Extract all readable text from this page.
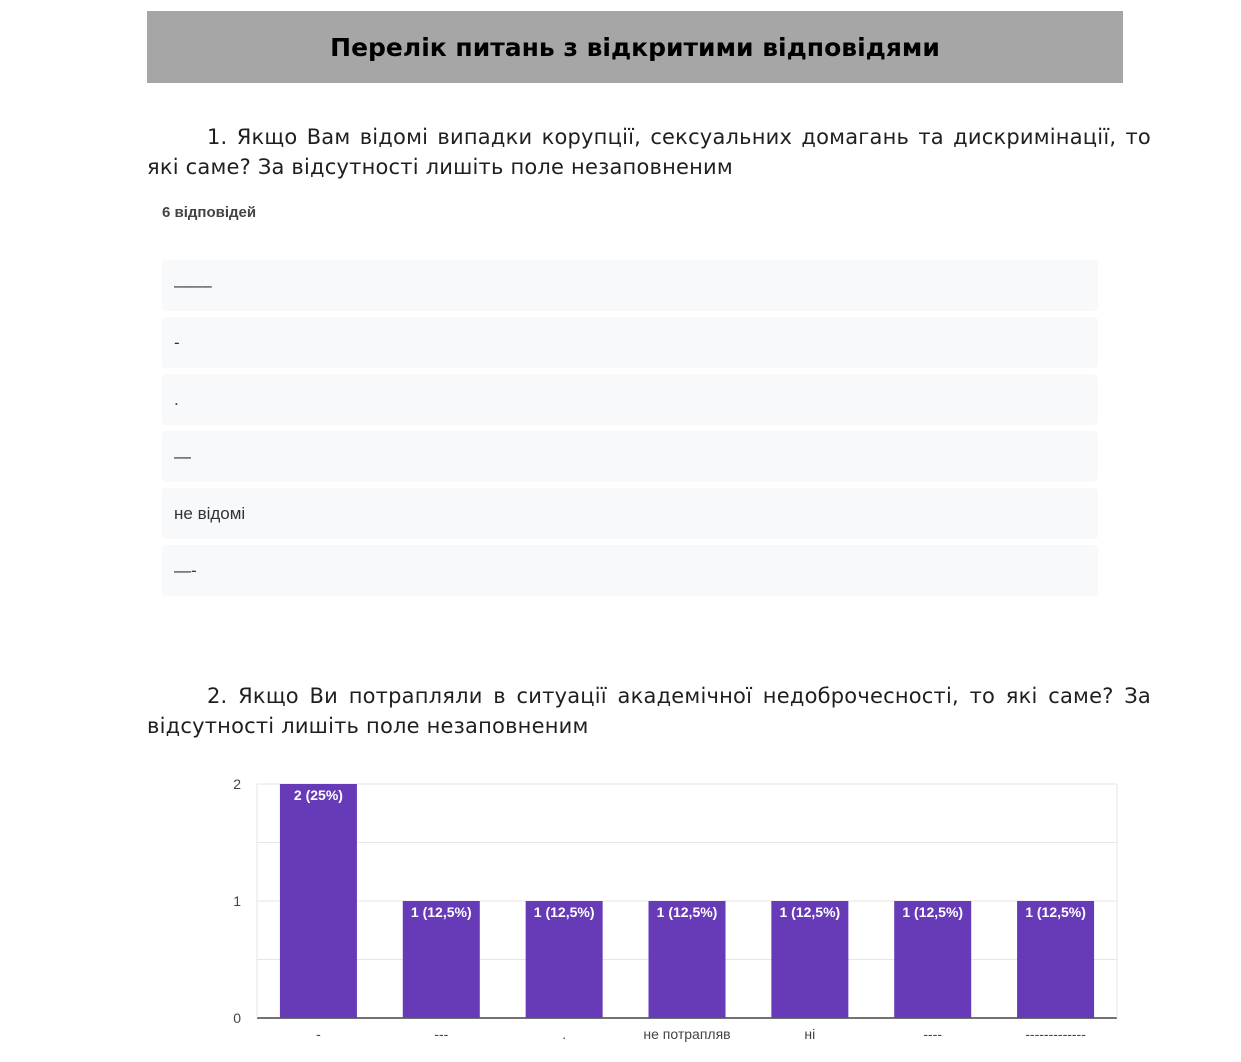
Перелік питань з відкритими відповідями
1. Якщо Вам відомі випадки корупції, сексуальних домагань та дискримінації, то які саме? За відсутності лишіть поле незаповненим
6 відповідей
––––
-
.
—
не відомі
—-
2. Якщо Ви потрапляли в ситуації академічної недоброчесності, то які саме? За відсутності лишіть поле незаповненим
0
1
2
2 (25%)
-
1 (12,5%)
---
1 (12,5%)
.
1 (12,5%)
не потрапляв
1 (12,5%)
ні
1 (12,5%)
----
1 (12,5%)
-------------
